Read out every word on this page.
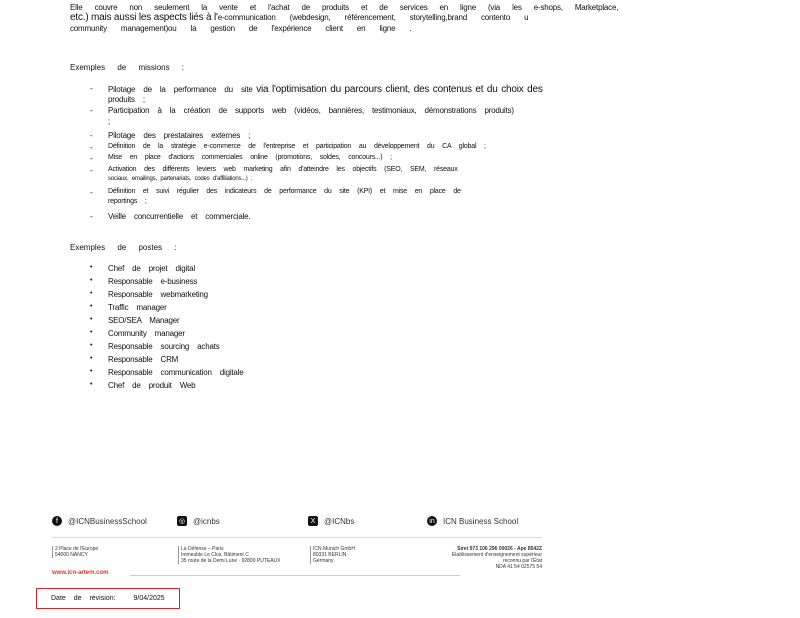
Elle couvre non seulement la vente et l'achat de produits et de services en ligne (via les e-shops, Marketplace,
etc.) mais aussi les aspects liés à l'e-communication (webdesign, référencement, storytelling,brand contento u
community management)ou la gestion de l'expérience client en ligne .
Exemples de missions :
- Pilotage de la performance du site via l'optimisation du parcours client, des contenus et du choix des
produits ;
- Participation à la création de supports web (vidéos, bannières, testimoniaux, démonstrations produits)
;
- Pilotage des prestataires externes ;
- Définition de la stratégie e-commerce de l'entreprise et participation au développement du CA global ;
- Mise en place d'actions commerciales online (promotions, soldes, concours...) ;
- Activation des différents leviers web marketing afin d'atteindre les objectifs (SEO, SEM, réseaux
sociaux, emailings, partenariats, codes d'affiliations...) ;
- Définition et suivi régulier des indicateurs de performance du site (KPI) et mise en place de
reportings ;
- Veille concurrentielle et commerciale.
Exemples de postes :
• Chef de projet digital
• Responsable e-business
• Responsable webmarketing
• Traffic manager
• SEO/SEA Manager
• Community manager
• Responsable sourcing achats
• Responsable CRM
• Responsable communication digitale
• Chef de produit Web
f	@ICNBusinessSchool	◎ @icnbs	X	@ICNbs	in ICN Business School
2 Place de l'Europe
54000 NANCY
La Défense – Paris
Immeuble Le Clos, Bâtiment C
35 route de la Demi Lune · 92800 PUTEAUX
ICN Munich GmbH
80331 BERLIN
Germany
Siret 973 106 296 00026 - Ape 8542Z
Établissement d'enseignement supérieur
reconnu par l'État
NDA 41 54 02575 54
www.icn-artem.com
Date de révision:	9/04/2025
